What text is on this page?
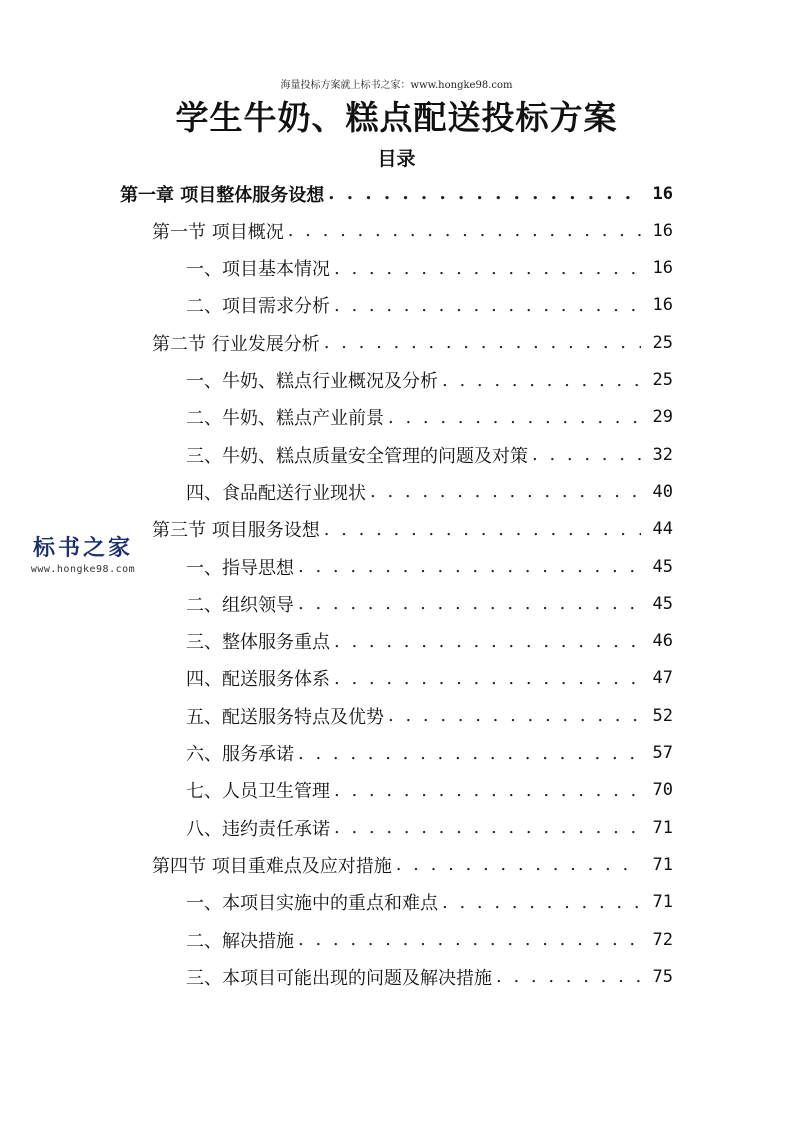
海量投标方案就上标书之家：www.hongke98.com
学生牛奶、糕点配送投标方案
目录
第一章 项目整体服务设想 . . .	16
第一节 项目概况 . . .	16
一、项目基本情况 . . .	16
二、项目需求分析 . . .	16
第二节 行业发展分析 . . .	25
一、牛奶、糕点行业概况及分析 . . .	25
二、牛奶、糕点产业前景 . . .	29
三、牛奶、糕点质量安全管理的问题及对策 . . .	32
四、食品配送行业现状 . . .	40
第三节 项目服务设想 . . .	44
一、指导思想 . . .	45
二、组织领导 . . .	45
三、整体服务重点 . . .	46
四、配送服务体系 . . .	47
五、配送服务特点及优势 . . .	52
六、服务承诺 . . .	57
七、人员卫生管理 . . .	70
八、违约责任承诺 . . .	71
第四节 项目重难点及应对措施 . . .	71
一、本项目实施中的重点和难点 . . .	71
二、解决措施 . . .	72
三、本项目可能出现的问题及解决措施 . . .	75
标书之家
www.hongke98.com
